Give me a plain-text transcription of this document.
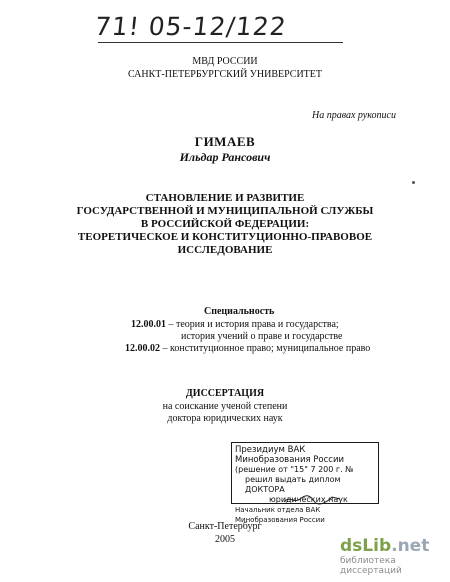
71! 05-12/122
МВД РОССИИ
САНКТ-ПЕТЕРБУРГСКИЙ УНИВЕРСИТЕТ
На правах рукописи
ГИМАЕВ
Ильдар Рансович
СТАНОВЛЕНИЕ И РАЗВИТИЕ
ГОСУДАРСТВЕННОЙ И МУНИЦИПАЛЬНОЙ СЛУЖБЫ
В РОССИЙСКОЙ ФЕДЕРАЦИИ:
ТЕОРЕТИЧЕСКОЕ И КОНСТИТУЦИОННО-ПРАВОВОЕ
ИССЛЕДОВАНИЕ
Специальность
12.00.01 – теория и история права и государства;
история учений о праве и государстве
12.00.02 – конституционное право; муниципальное право
ДИССЕРТАЦИЯ
на соискание ученой степени
доктора юридических наук
Президиум ВАК Минобразования России
(решение от "15" 7 200 г. №
решил выдать диплом ДОКТОРА
юридических наук
Начальник отдела ВАК Минобразования России
Санкт-Петербург
2005	dsLib.net
библиотека диссертаций
